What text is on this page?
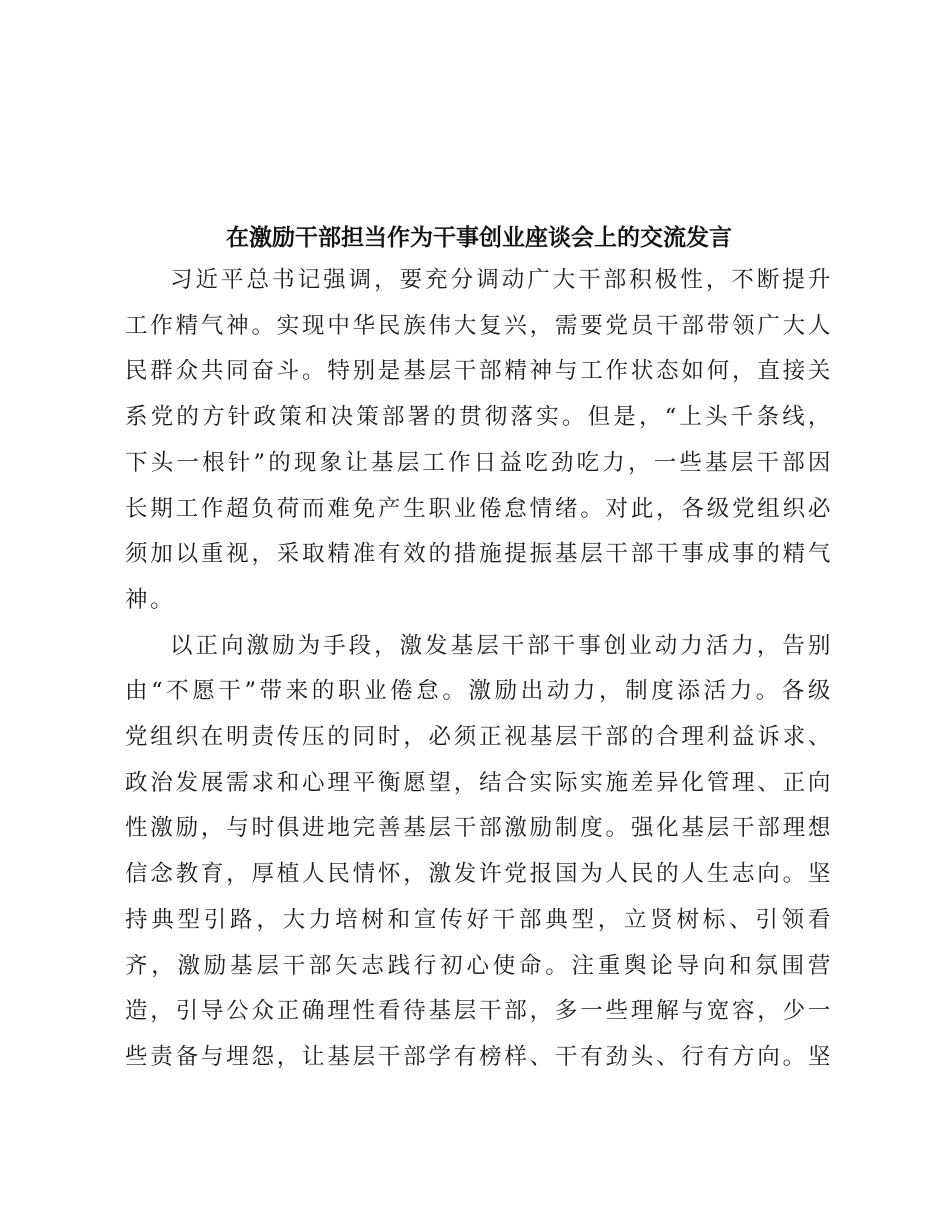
在激励干部担当作为干事创业座谈会上的交流发言
习近平总书记强调，要充分调动广大干部积极性，不断提升
工作精气神。实现中华民族伟大复兴，需要党员干部带领广大人
民群众共同奋斗。特别是基层干部精神与工作状态如何，直接关
系党的方针政策和决策部署的贯彻落实。但是，“上头千条线，
下头一根针”的现象让基层工作日益吃劲吃力，一些基层干部因
长期工作超负荷而难免产生职业倦怠情绪。对此，各级党组织必
须加以重视，采取精准有效的措施提振基层干部干事成事的精气
神。
以正向激励为手段，激发基层干部干事创业动力活力，告别
由“不愿干”带来的职业倦怠。激励出动力，制度添活力。各级
党组织在明责传压的同时，必须正视基层干部的合理利益诉求、
政治发展需求和心理平衡愿望，结合实际实施差异化管理、正向
性激励，与时俱进地完善基层干部激励制度。强化基层干部理想
信念教育，厚植人民情怀，激发许党报国为人民的人生志向。坚
持典型引路，大力培树和宣传好干部典型，立贤树标、引领看
齐，激励基层干部矢志践行初心使命。注重舆论导向和氛围营
造，引导公众正确理性看待基层干部，多一些理解与宽容，少一
些责备与埋怨，让基层干部学有榜样、干有劲头、行有方向。坚
